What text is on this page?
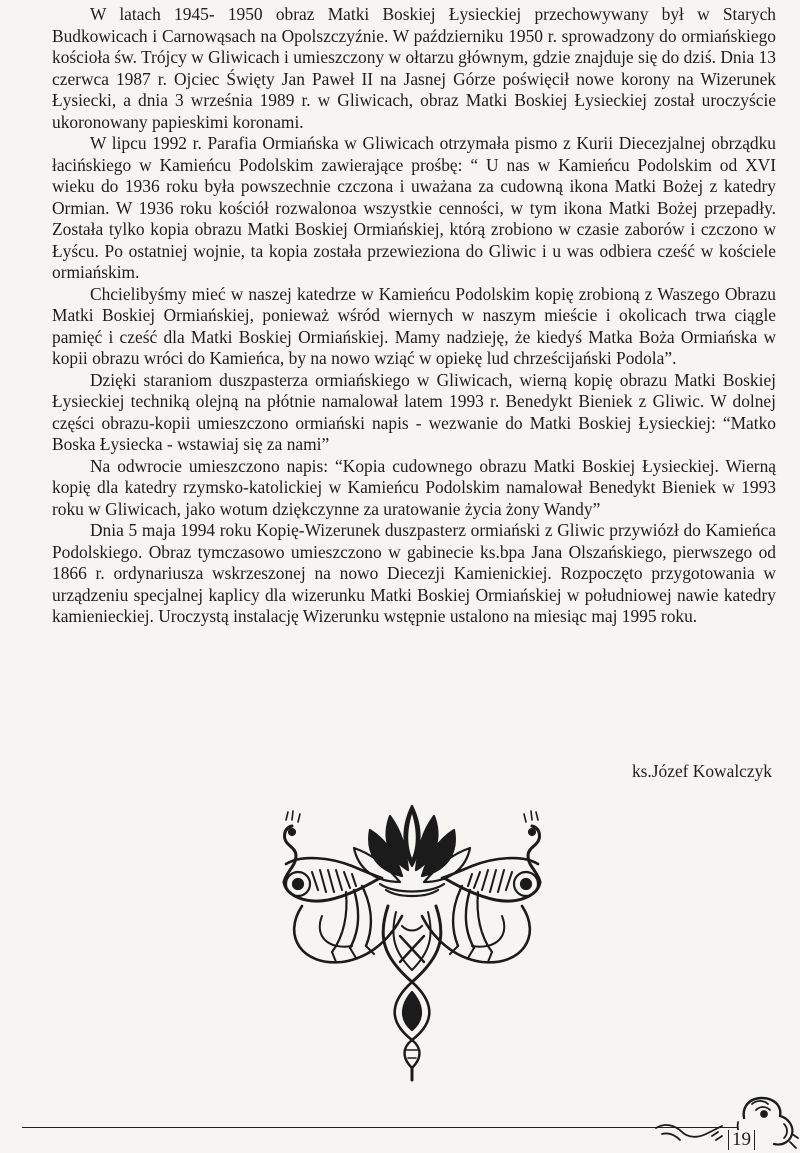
W latach 1945- 1950 obraz Matki Boskiej Łysieckiej przechowywany był w Starych Budkowicach i Carnowąsach na Opolszczyźnie. W październiku 1950 r. sprowadzony do ormiańskiego kościoła św. Trójcy w Gliwicach i umieszczony w ołtarzu głównym, gdzie znajduje się do dziś. Dnia 13 czerwca 1987 r. Ojciec Święty Jan Paweł II na Jasnej Górze poświęcił nowe korony na Wizerunek Łysiecki, a dnia 3 września 1989 r. w Gliwicach, obraz Matki Boskiej Łysieckiej został uroczyście ukoronowany papieskimi koronami.

W lipcu 1992 r. Parafia Ormiańska w Gliwicach otrzymała pismo z Kurii Diecezjalnej obrządku łacińskiego w Kamieńcu Podolskim zawierające prośbę: “ U nas w Kamieńcu Podolskim od XVI wieku do 1936 roku była powszechnie czczona i uważana za cudowną ikona Matki Bożej z katedry Ormian. W 1936 roku kościół rozwalonoa wszystkie cenności, w tym ikona Matki Bożej przepadły. Została tylko kopia obrazu Matki Boskiej Ormiańskiej, którą zrobiono w czasie zaborów i czczono w Łyścu. Po ostatniej wojnie, ta kopia została przewieziona do Gliwic i u was odbiera cześć w kościele ormiańskim.

Chcielibyśmy mieć w naszej katedrze w Kamieńcu Podolskim kopię zrobioną z Waszego Obrazu Matki Boskiej Ormiańskiej, ponieważ wśród wiernych w naszym mieście i okolicach trwa ciągle pamięć i cześć dla Matki Boskiej Ormiańskiej. Mamy nadzieję, że kiedyś Matka Boża Ormiańska w kopii obrazu wróci do Kamieńca, by na nowo wziąć w opiekę lud chrześcijański Podola”.

Dzięki staraniom duszpasterza ormiańskiego w Gliwicach, wierną kopię obrazu Matki Boskiej Łysieckiej techniką olejną na płótnie namalował latem 1993 r. Benedykt Bieniek z Gliwic. W dolnej części obrazu-kopii umieszczono ormiański napis - wezwanie do Matki Boskiej Łysieckiej: “Matko Boska Łysiecka - wstawiaj się za nami”

Na odwrocie umieszczono napis: “Kopia cudownego obrazu Matki Boskiej Łysieckiej. Wierną kopię dla katedry rzymsko-katolickiej w Kamieńcu Podolskim namalował Benedykt Bieniek w 1993 roku w Gliwicach, jako wotum dziękczynne za uratowanie życia żony Wandy”

Dnia 5 maja 1994 roku Kopię-Wizerunek duszpasterz ormiański z Gliwic przywiózł do Kamieńca Podolskiego. Obraz tymczasowo umieszczono w gabinecie ks.bpa Jana Olszańskiego, pierwszego od 1866 r. ordynariusza wskrzeszonej na nowo Diecezji Kamienickiej. Rozpoczęto przygotowania w urządzeniu specjalnej kaplicy dla wizerunku Matki Boskiej Ormiańskiej w południowej nawie katedry kamienieckiej. Uroczystą instalację Wizerunku wstępnie ustalono na miesiąc maj 1995 roku.

ks.Józef Kowalczyk

19
